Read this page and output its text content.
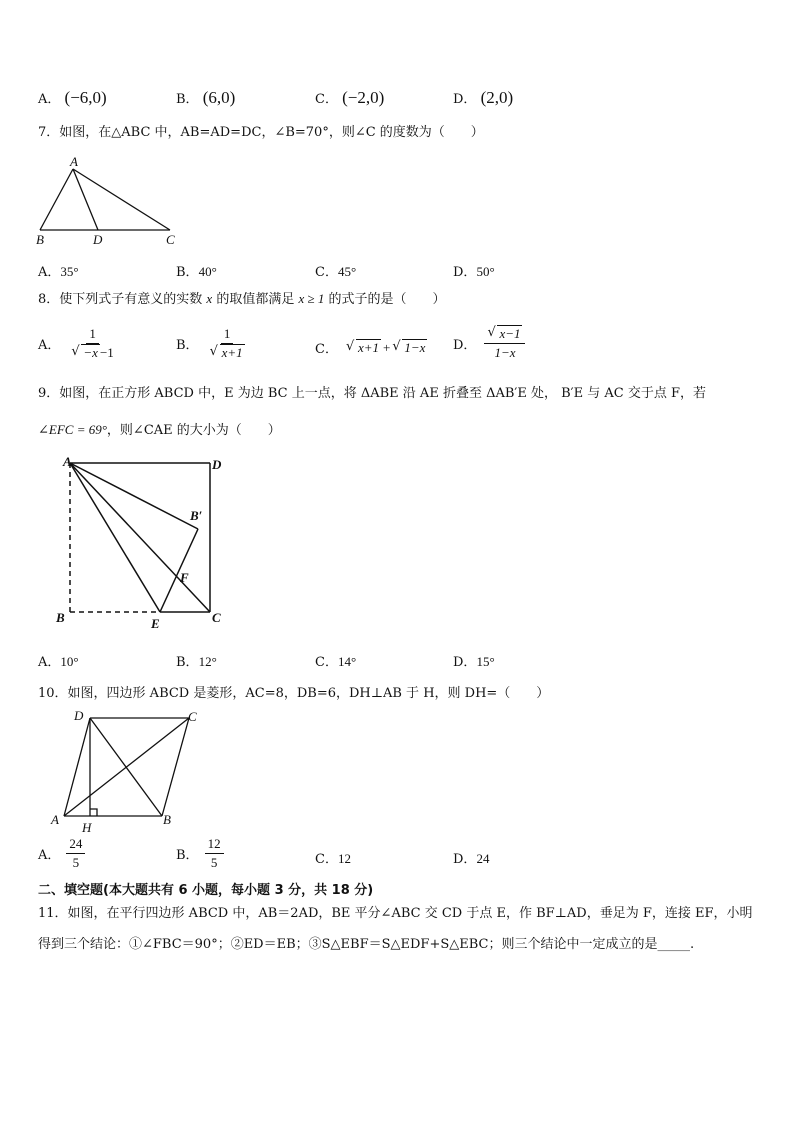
A． (−6,0)	B． (6,0)	C． (−2,0)	D． (2,0)
7．如图，在△ABC 中，AB=AD=DC，∠B=70°，则∠C 的度数为（　　）
A
B	D	C
A．35°	B．40°	C．45°	D．50°
8．使下列式子有意义的实数 x 的取值都满足 x ≥ 1 的式子的是（　　）
A． $\frac{1}{√ -x -1}$	B． $\frac{1}{√ x+1}$	C． √ x+1 + √ 1−x D． $\frac{√ x-1}{1-x}$
9．如图，在正方形 ABCD 中，E 为边 BC 上一点，将 ΔABE 沿 AE 折叠至 ΔAB′E 处， B′E 与 AC 交于点 F，若
∠EFC = 69°，则∠CAE 的大小为（　　）
A	D
B′
F
B	E	C
A．10°	B．12°	C．14°	D．15°
10．如图，四边形 ABCD 是菱形，AC=8，DB=6，DH⊥AB 于 H，则 DH=（　　）
D	C
A
H
B
A． $\frac{24}{5}$	B． $\frac{12}{5}$	C．12	D．24
二、填空题(本大题共有 6 小题，每小题 3 分，共 18 分)
11．如图，在平行四边形 ABCD 中，AB＝2AD，BE 平分∠ABC 交 CD 于点 E，作 BF⊥AD，垂足为 F，连接 EF，小明
得到三个结论：①∠FBC＝90°；②ED＝EB；③S△EBF＝S△EDF+S△EBC；则三个结论中一定成立的是_____.
